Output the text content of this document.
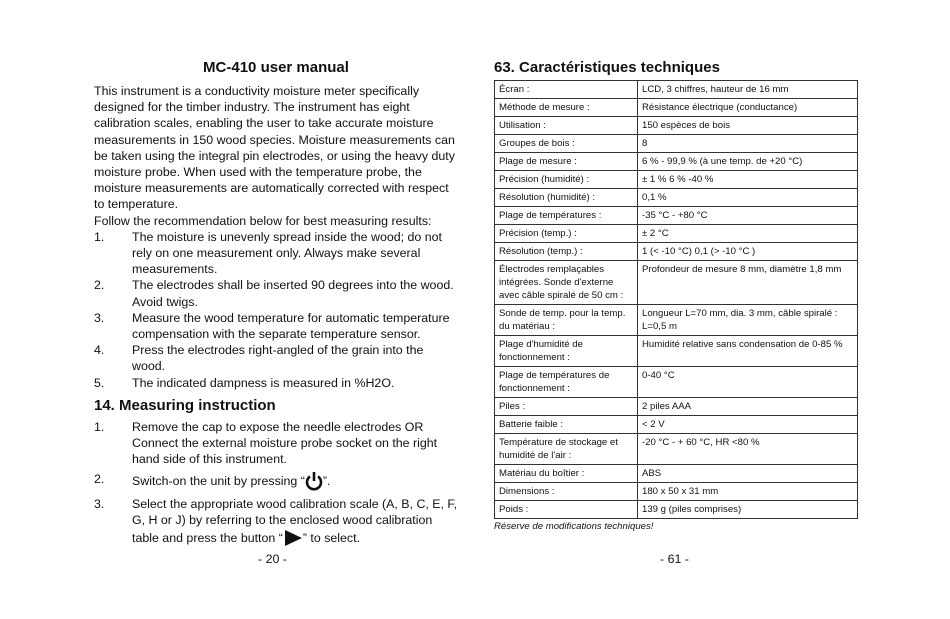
MC-410 user manual

This instrument is a conductivity moisture meter specifically designed for the timber industry. The instrument has eight calibration scales, enabling the user to take accurate moisture measurements in 150 wood species. Moisture measurements can be taken using the integral pin electrodes, or using the heavy duty moisture probe. When used with the temperature probe, the moisture measurements are automatically corrected with respect to temperature.

Follow the recommendation below for best measuring results:

1.	The moisture is unevenly spread inside the wood; do not rely on one measurement only. Always make several measurements.
2.	The electrodes shall be inserted 90 degrees into the wood. Avoid twigs.
3.	Measure the wood temperature for automatic temperature compensation with the separate temperature sensor.
4.	Press the electrodes right-angled of the grain into the wood.
5.	The indicated dampness is measured in %H2O.
14. Measuring instruction
1.	Remove the cap to expose the needle electrodes OR Connect the external moisture probe socket on the right hand side of this instrument.
2.	Switch-on the unit by pressing “ ”.
3.	Select the appropriate wood calibration scale (A, B, C, E, F, G, H or J) by referring to the enclosed wood calibration table and press the button “ ” to select.
- 20 -
63. Caractéristiques techniques
Écran :	LCD, 3 chiffres, hauteur de 16 mm
Méthode de mesure :	Résistance électrique (conductance)
Utilisation :	150 espèces de bois
Groupes de bois :	8
Plage de mesure :	6 % - 99,9 % (à une temp. de +20 °C)
Précision (humidité) :	± 1 % 6 % -40 %
Résolution (humidité) :	0,1 %
Plage de températures :	-35 °C - +80 °C
Précision (temp.) :	± 2 °C
Résolution (temp.) :	1 (< -10 °C) 0,1 (> -10 °C )
Électrodes remplaçables intégrées. Sonde d'externe avec câble spiralé de 50 cm :	Profondeur de mesure 8 mm, diamètre 1,8 mm
Sonde de temp. pour la temp. du matériau :	Longueur L=70 mm, dia. 3 mm, câble spiralé : L=0,5 m
Plage d'humidité de fonctionnement :	Humidité relative sans condensation de 0-85 %
Plage de températures de fonctionnement :	0-40 °C
Piles :	2 piles AAA
Batterie faible :	< 2 V
Température de stockage et humidité de l'air :	-20 °C - + 60 °C, HR <80 %
Matériau du boîtier :	ABS
Dimensions :	180 x 50 x 31 mm
Poids :	139 g (piles comprises)
Réserve de modifications techniques!
- 61 -
